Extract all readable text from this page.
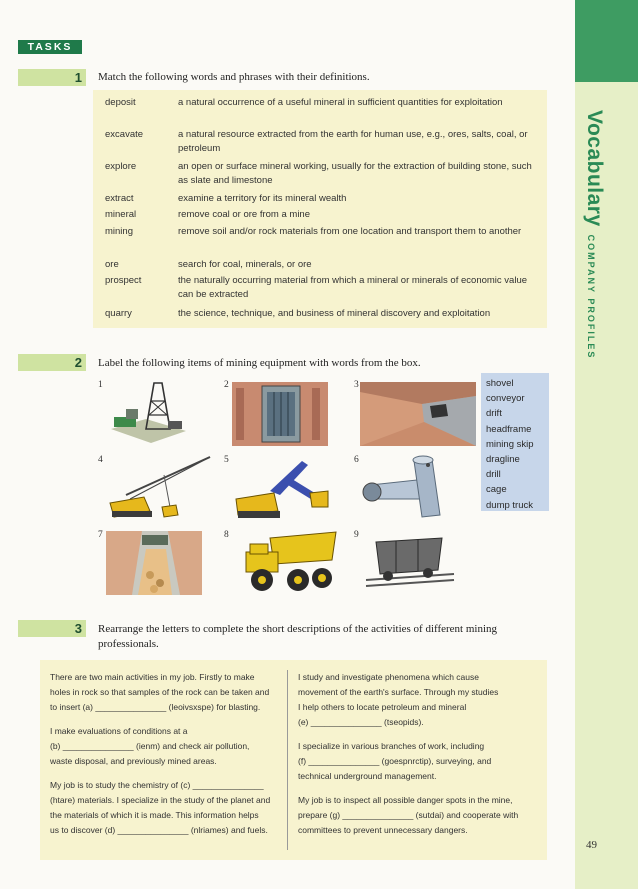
VocabularyCOMPANY PROFILES
49
TASKS
1 Match the following words and phrases with their definitions.
deposit	a natural occurrence of a useful mineral in sufficient quantities for exploitation
excavate	a natural resource extracted from the earth for human use, e.g., ores, salts, coal, or petroleum
explore	an open or surface mineral working, usually for the extraction of building stone, such as slate and limestone
extract	examine a territory for its mineral wealth
mineral	remove coal or ore from a mine
mining	remove soil and/or rock materials from one location and transport them to another
ore	search for coal, minerals, or ore
prospect	the naturally occurring material from which a mineral or minerals of economic value can be extracted
quarry	the science, technique, and business of mineral discovery and exploitation
2 Label the following items of mining equipment with words from the box.
1	2	3
4	5	6
7	8	9
shovel
conveyor
drift
headframe
mining skip
dragline
drill
cage
dump truck
3 Rearrange the letters to complete the short descriptions of the activities of different mining
professionals.

There are two main activities in my job. Firstly to make
holes in rock so that samples of the rock can be taken and
to insert (a) _______________ (leoivsxspe) for blasting.

I make evaluations of conditions at a
(b) _______________ (ienm) and check air pollution,
waste disposal, and previously mined areas.

My job is to study the chemistry of (c) _______________
(htare) materials. I specialize in the study of the planet and
the materials of which it is made. This information helps
us to discover (d) _______________ (nlriames) and fuels.

I study and investigate phenomena which cause
movement of the earth's surface. Through my studies
I help others to locate petroleum and mineral
(e) _______________ (tseopids).

I specialize in various branches of work, including
(f) _______________ (goespnrctip), surveying, and
technical underground management.

My job is to inspect all possible danger spots in the mine,
prepare (g) _______________ (sutdai) and cooperate with
committees to prevent unnecessary dangers.
